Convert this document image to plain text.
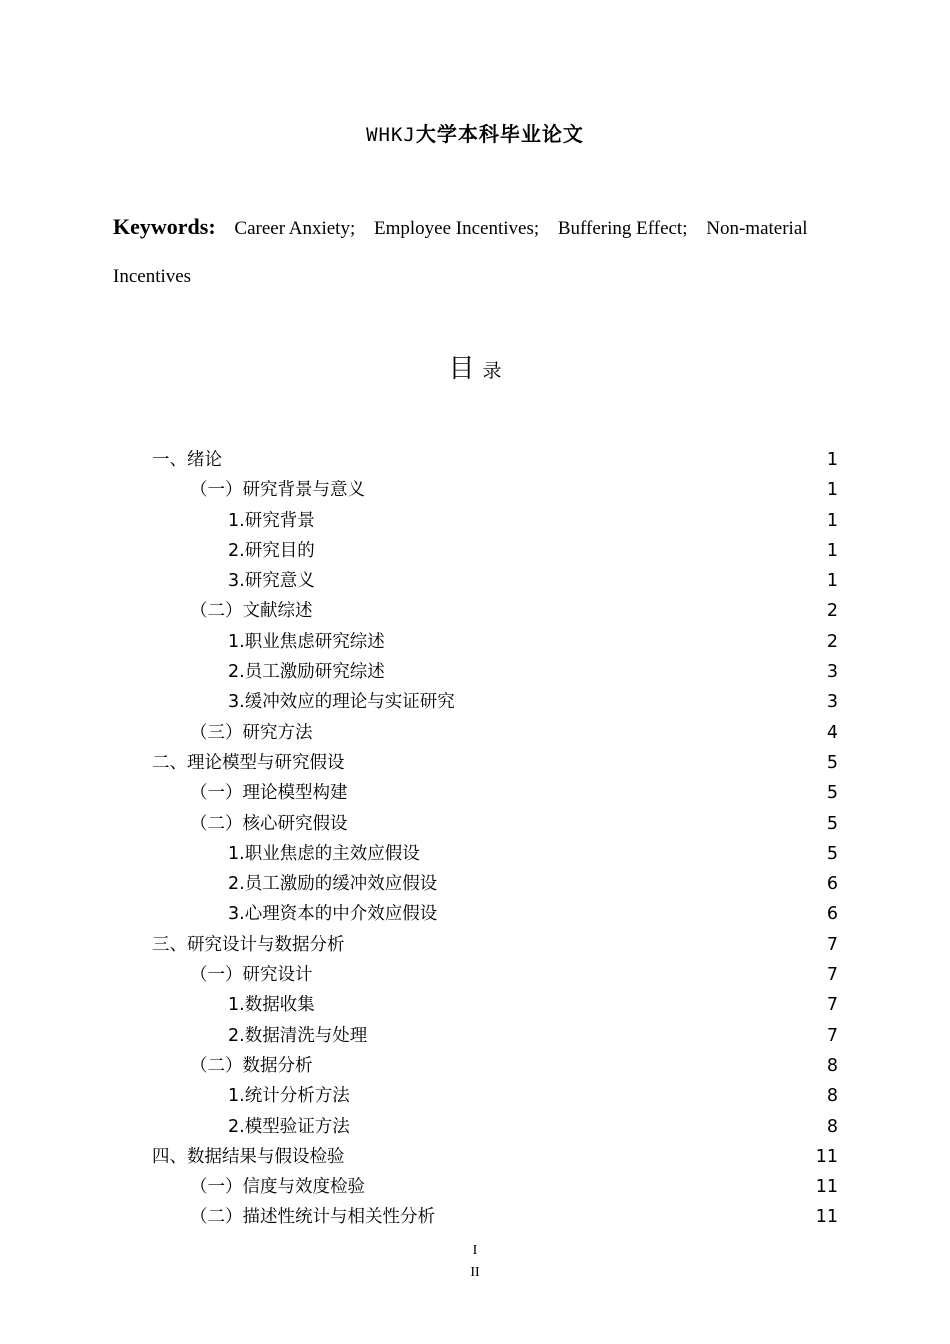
WHKJ大学本科毕业论文
Keywords: Career Anxiety; Employee Incentives; Buffering Effect; Non-material Incentives
目 录
一、绪论	1
（一）研究背景与意义	1
1.研究背景	1
2.研究目的	1
3.研究意义	1
（二）文献综述	2
1.职业焦虑研究综述	2
2.员工激励研究综述	3
3.缓冲效应的理论与实证研究	3
（三）研究方法	4
二、理论模型与研究假设	5
（一）理论模型构建	5
（二）核心研究假设	5
1.职业焦虑的主效应假设	5
2.员工激励的缓冲效应假设	6
3.心理资本的中介效应假设	6
三、研究设计与数据分析	7
（一）研究设计	7
1.数据收集	7
2.数据清洗与处理	7
（二）数据分析	8
1.统计分析方法	8
2.模型验证方法	8
四、数据结果与假设检验	11
（一）信度与效度检验	11
（二）描述性统计与相关性分析	11
I
II
